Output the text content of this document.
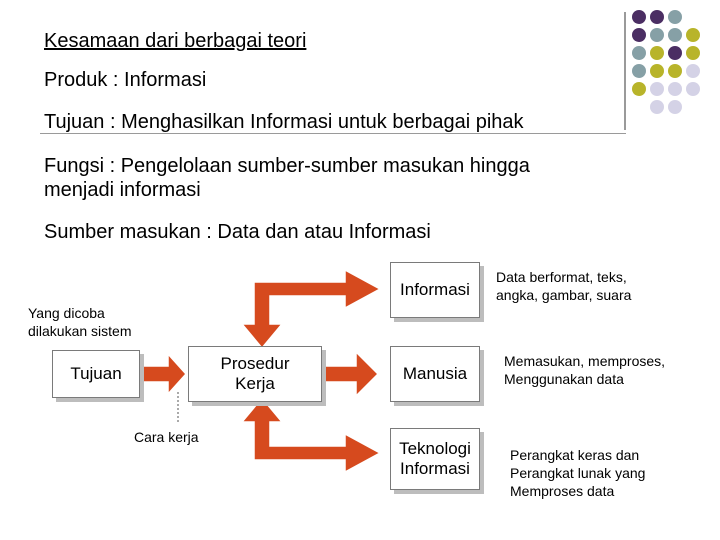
Kesamaan dari berbagai teori
Produk : Informasi
Tujuan : Menghasilkan Informasi untuk berbagai pihak
Fungsi : Pengelolaan sumber-sumber masukan hingga
menjadi informasi
Sumber masukan : Data dan atau Informasi
Tujuan
Prosedur
Kerja
Informasi
Manusia
Teknologi
Informasi
Yang dicoba
dilakukan sistem
Cara kerja
Data berformat, teks,
angka, gambar, suara
Memasukan, memproses,
Menggunakan data
Perangkat keras dan
Perangkat lunak yang
Memproses data
